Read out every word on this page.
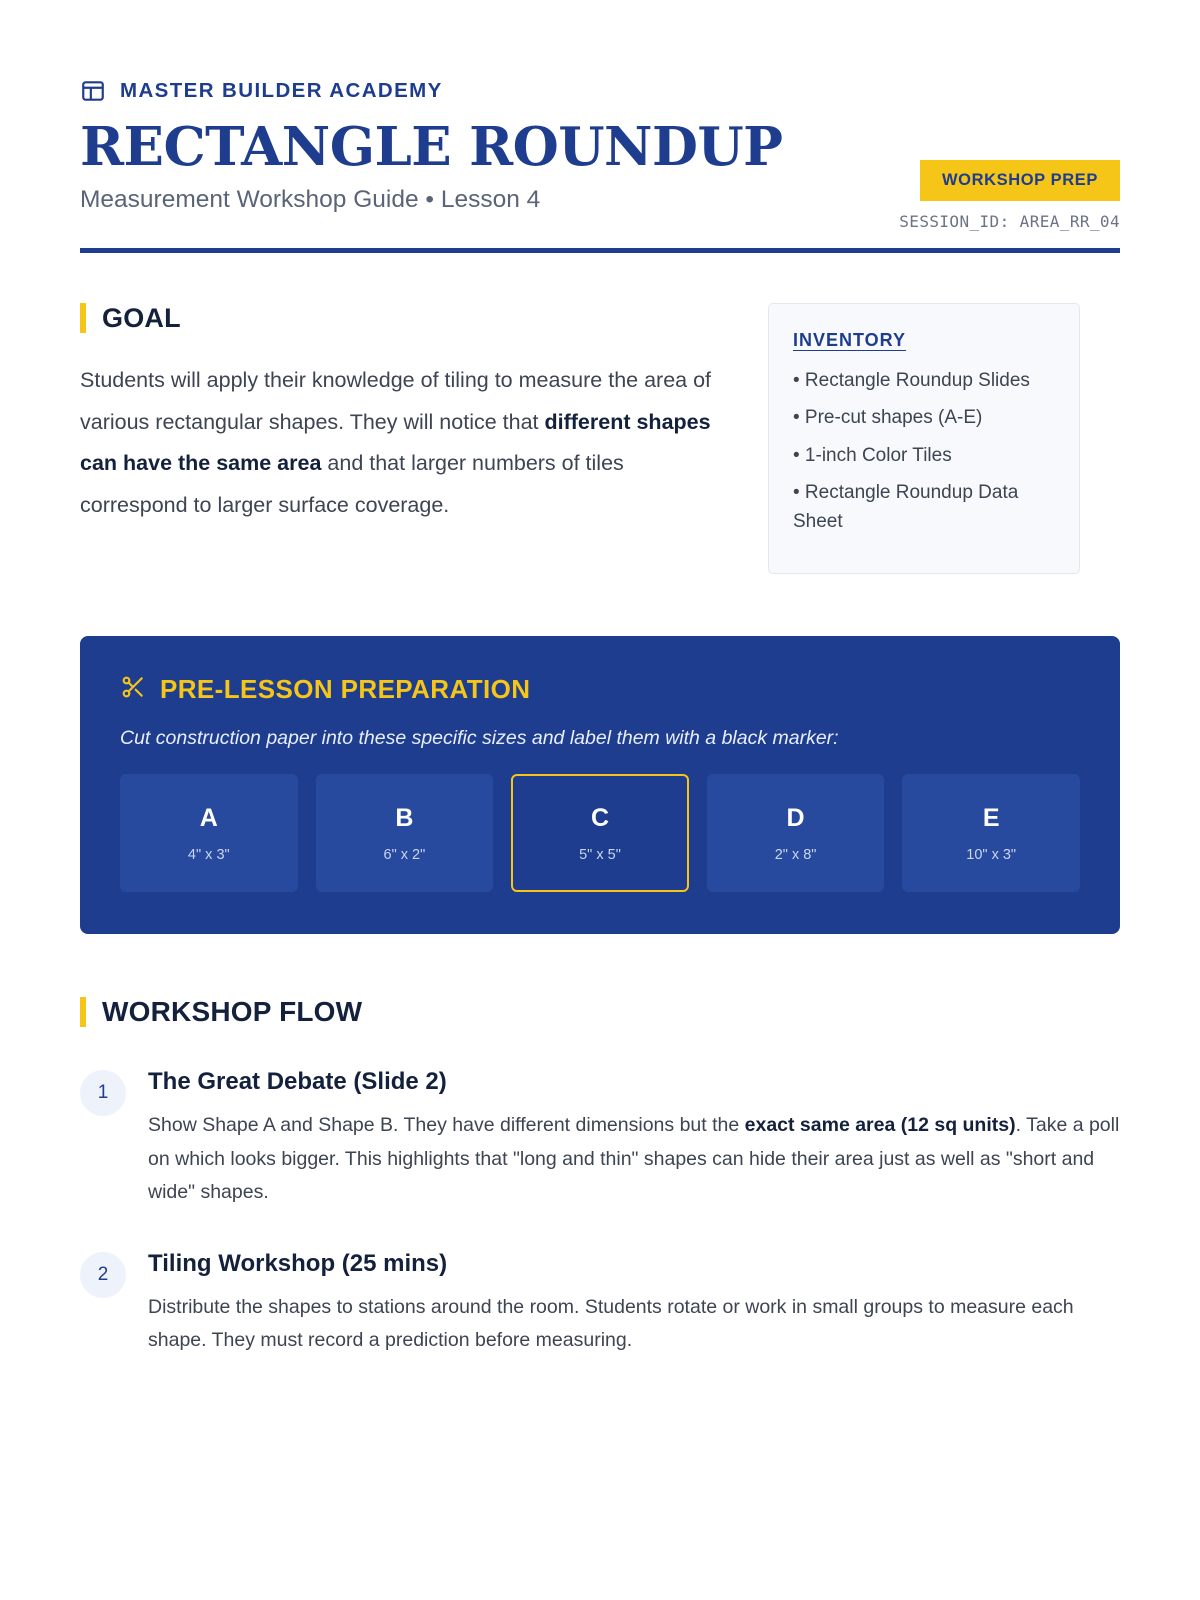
MASTER BUILDER ACADEMY
RECTANGLE ROUNDUP
Measurement Workshop Guide • Lesson 4
WORKSHOP PREP
SESSION_ID: AREA_RR_04
GOAL

Students will apply their knowledge of tiling to measure the area of various rectangular shapes. They will notice that different shapes can have the same area and that larger numbers of tiles correspond to larger surface coverage.

INVENTORY
• Rectangle Roundup Slides
• Pre-cut shapes (A-E)
• 1-inch Color Tiles
• Rectangle Roundup Data Sheet
PRE-LESSON PREPARATION
Cut construction paper into these specific sizes and label them with a black marker:
A
4" x 3"
B
6" x 2"
C
5" x 5"
D
2" x 8"
E
10" x 3"
WORKSHOP FLOW
1	The Great Debate (Slide 2)
Show Shape A and Shape B. They have different dimensions but the exact same area (12 sq units). Take a poll on which looks bigger. This highlights that "long and thin" shapes can hide their area just as well as "short and wide" shapes.
2	Tiling Workshop (25 mins)
Distribute the shapes to stations around the room. Students rotate or work in small groups to measure each shape. They must record a prediction before measuring.
